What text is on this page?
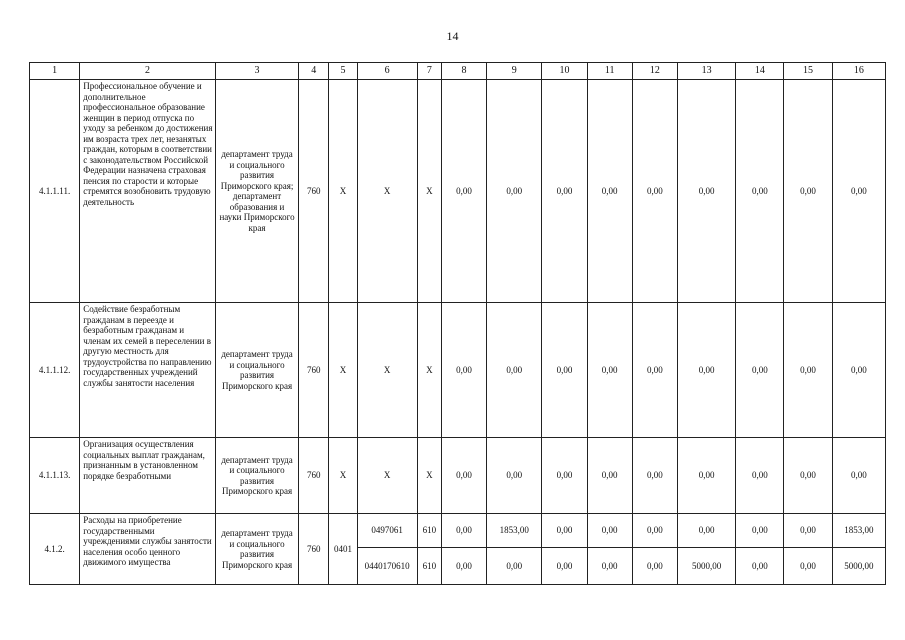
14
1	2	3	4	5	6	7	8	9	10	11	12	13	14	15	16
4.1.1.11.	Профессиональное обучение и дополнительное профессиональное образование женщин в период отпуска по уходу за ребенком до достижения им возраста трех лет, незанятых граждан, которым в соответствии с законодательством Российской Федерации назначена страховая пенсия по старости и которые стремятся возобновить трудовую деятельность	департамент труда и социального развития Приморского края; департамент образования и науки Приморского края	760	X	X	X	0,00	0,00	0,00	0,00	0,00	0,00	0,00	0,00	0,00
4.1.1.12.	Содействие безработным гражданам в переезде и безработным гражданам и членам их семей в переселении в другую местность для трудоустройства по направлению государственных учреждений службы занятости населения	департамент труда и социального развития Приморского края	760	X	X	X	0,00	0,00	0,00	0,00	0,00	0,00	0,00	0,00	0,00
4.1.1.13.	Организация осуществления социальных выплат гражданам, признанным в установленном порядке безработными	департамент труда и социального развития Приморского края	760	X	X	X	0,00	0,00	0,00	0,00	0,00	0,00	0,00	0,00	0,00
4.1.2.	Расходы на приобретение государственными учреждениями службы занятости населения особо ценного движимого имущества	департамент труда и социального развития Приморского края	760	0401	0497061	610	0,00	1853,00	0,00	0,00	0,00	0,00	0,00	0,00	1853,00
					0440170610	610	0,00	0,00	0,00	0,00	0,00	5000,00	0,00	0,00	5000,00
